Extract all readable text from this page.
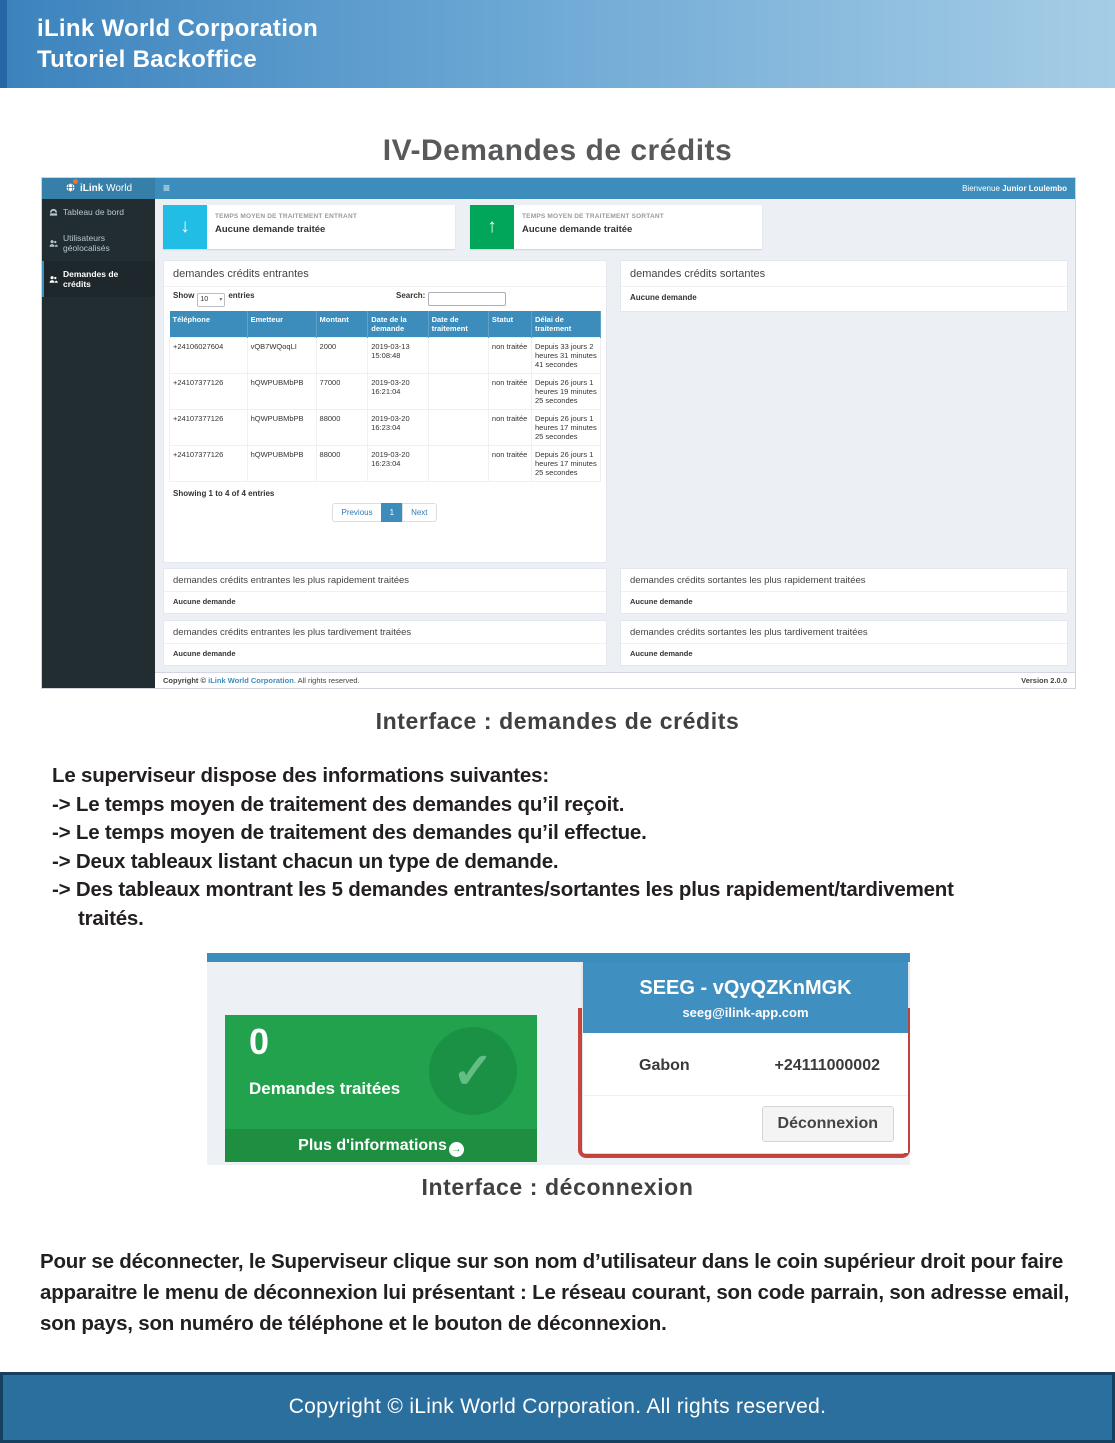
iLink World Corporation
Tutoriel Backoffice
IV-Demandes de crédits
iLink World	≡	Bienvenue Junior Loulembo
Tableau de bord
Utilisateurs géolocalisés
Demandes de crédits
↓	TEMPS MOYEN DE TRAITEMENT ENTRANT
Aucune demande traitée	↑	TEMPS MOYEN DE TRAITEMENT SORTANT
Aucune demande traitée
demandes crédits entrantes
Show 10 ▾ entries	Search:
Téléphone	Emetteur	Montant	Date de la demande	Date de traitement	Statut	Délai de traitement
+24106027604	vQB7WQoqLI	2000	2019-03-13 15:08:48		non traitée	Depuis 33 jours 2 heures 31 minutes 41 secondes
+24107377126	hQWPUBMbPB	77000	2019-03-20 16:21:04		non traitée	Depuis 26 jours 1 heures 19 minutes 25 secondes
+24107377126	hQWPUBMbPB	88000	2019-03-20 16:23:04		non traitée	Depuis 26 jours 1 heures 17 minutes 25 secondes
+24107377126	hQWPUBMbPB	88000	2019-03-20 16:23:04		non traitée	Depuis 26 jours 1 heures 17 minutes 25 secondes
Showing 1 to 4 of 4 entries
Previous 1 Next
demandes crédits sortantes
Aucune demande
demandes crédits entrantes les plus rapidement traitées
Aucune demande
demandes crédits sortantes les plus rapidement traitées
Aucune demande
demandes crédits entrantes les plus tardivement traitées
Aucune demande
demandes crédits sortantes les plus tardivement traitées
Aucune demande
Copyright © iLink World Corporation. All rights reserved.	Version 2.0.0
Interface : demandes de crédits
Le superviseur dispose des informations suivantes:
-> Le temps moyen de traitement des demandes qu’il reçoit.
-> Le temps moyen de traitement des demandes qu’il effectue.
-> Deux tableaux listant chacun un type de demande.
-> Des tableaux montrant les 5 demandes entrantes/sortantes les plus rapidement/tardivement traités.
0
Demandes traitées	✓
Plus d'informations →
SEEG - vQyQZKnMGK
seeg@ilink-app.com
Gabon	+24111000002
Déconnexion
Interface : déconnexion
Pour se déconnecter, le Superviseur clique sur son nom d’utilisateur dans le coin supérieur droit pour faire apparaitre le menu de déconnexion lui présentant : Le réseau courant, son code parrain, son adresse email, son pays, son numéro de téléphone et le bouton de déconnexion.
Copyright © iLink World Corporation. All rights reserved.
